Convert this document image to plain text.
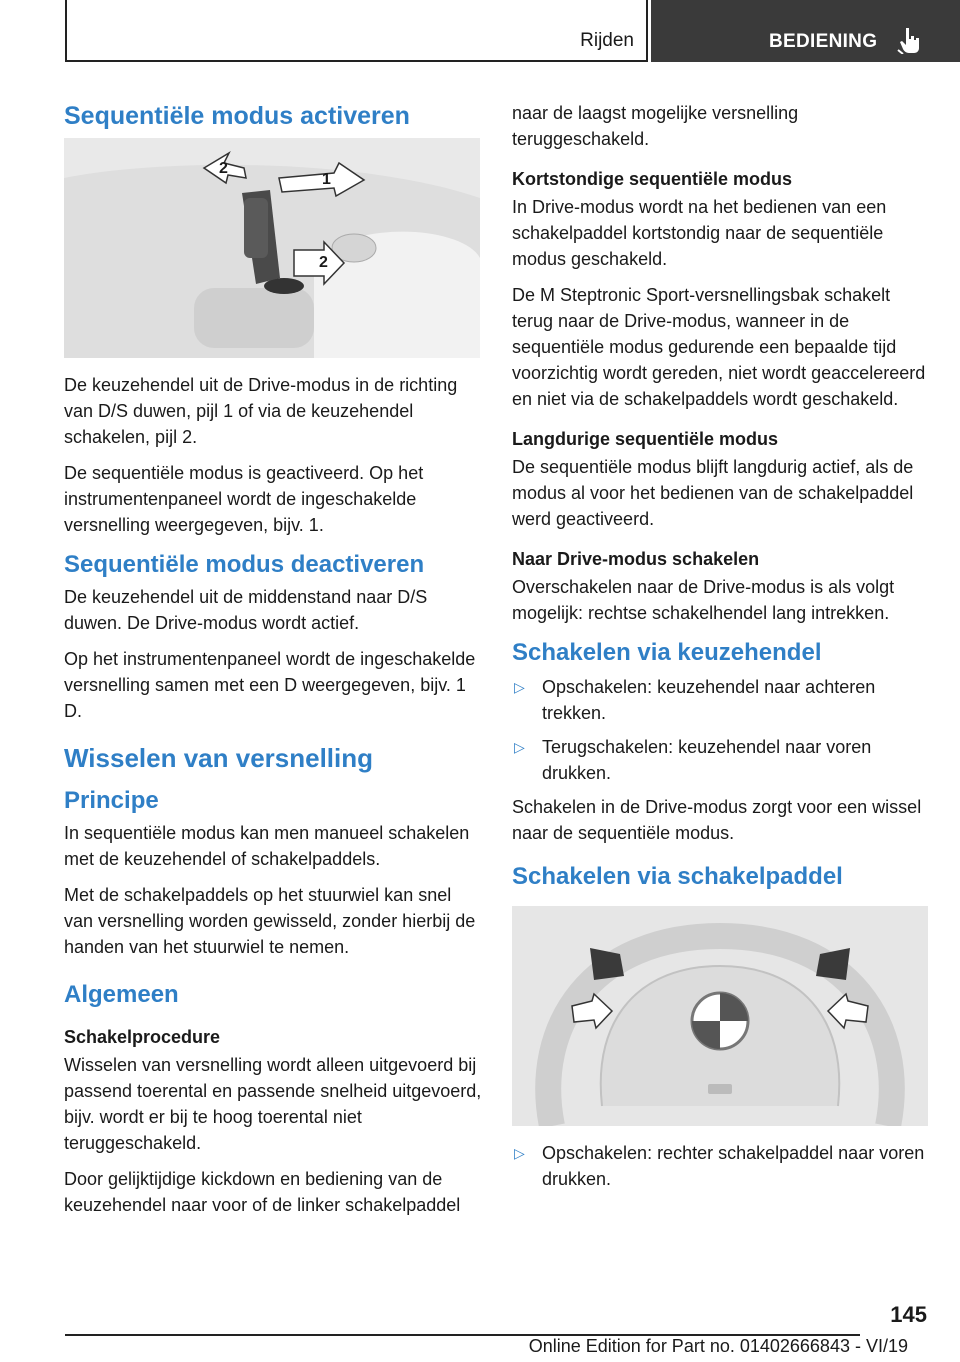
Rijden	BEDIENING
Sequentiële modus activeren
1
2
2

De keuzehendel uit de Drive-modus in de richting van D/S duwen, pijl 1 of via de keuzehendel schakelen, pijl 2.

De sequentiële modus is geactiveerd. Op het instrumentenpaneel wordt de ingeschakelde versnelling weergegeven, bijv. 1.

Sequentiële modus deactiveren

De keuzehendel uit de middenstand naar D/S duwen. De Drive-modus wordt actief.

Op het instrumentenpaneel wordt de ingeschakelde versnelling samen met een D weergegeven, bijv. 1 D.

Wisselen van versnelling
Principe

In sequentiële modus kan men manueel schakelen met de keuzehendel of schakelpaddels.

Met de schakelpaddels op het stuurwiel kan snel van versnelling worden gewisseld, zonder hierbij de handen van het stuurwiel te nemen.

Algemeen
Schakelprocedure

Wisselen van versnelling wordt alleen uitgevoerd bij passend toerental en passende snelheid uitgevoerd, bijv. wordt er bij te hoog toerental niet teruggeschakeld.

Door gelijktijdige kickdown en bediening van de keuzehendel naar voor of de linker schakelpaddel

naar de laagst mogelijke versnelling teruggeschakeld.

Kortstondige sequentiële modus

In Drive-modus wordt na het bedienen van een schakelpaddel kortstondig naar de sequentiële modus geschakeld.

De M Steptronic Sport-versnellingsbak schakelt terug naar de Drive-modus, wanneer in de sequentiële modus gedurende een bepaalde tijd voorzichtig wordt gereden, niet wordt geaccelereerd en niet via de schakelpaddels wordt geschakeld.

Langdurige sequentiële modus

De sequentiële modus blijft langdurig actief, als de modus al voor het bedienen van de schakelpaddel werd geactiveerd.

Naar Drive-modus schakelen

Overschakelen naar de Drive-modus is als volgt mogelijk: rechtse schakelhendel lang intrekken.

Schakelen via keuzehendel
▷ Opschakelen: keuzehendel naar achteren trekken.
▷ Terugschakelen: keuzehendel naar voren drukken.

Schakelen in de Drive-modus zorgt voor een wissel naar de sequentiële modus.

Schakelen via schakelpaddel
▷ Opschakelen: rechter schakelpaddel naar voren drukken.
145
Online Edition for Part no. 01402666843 - VI/19
